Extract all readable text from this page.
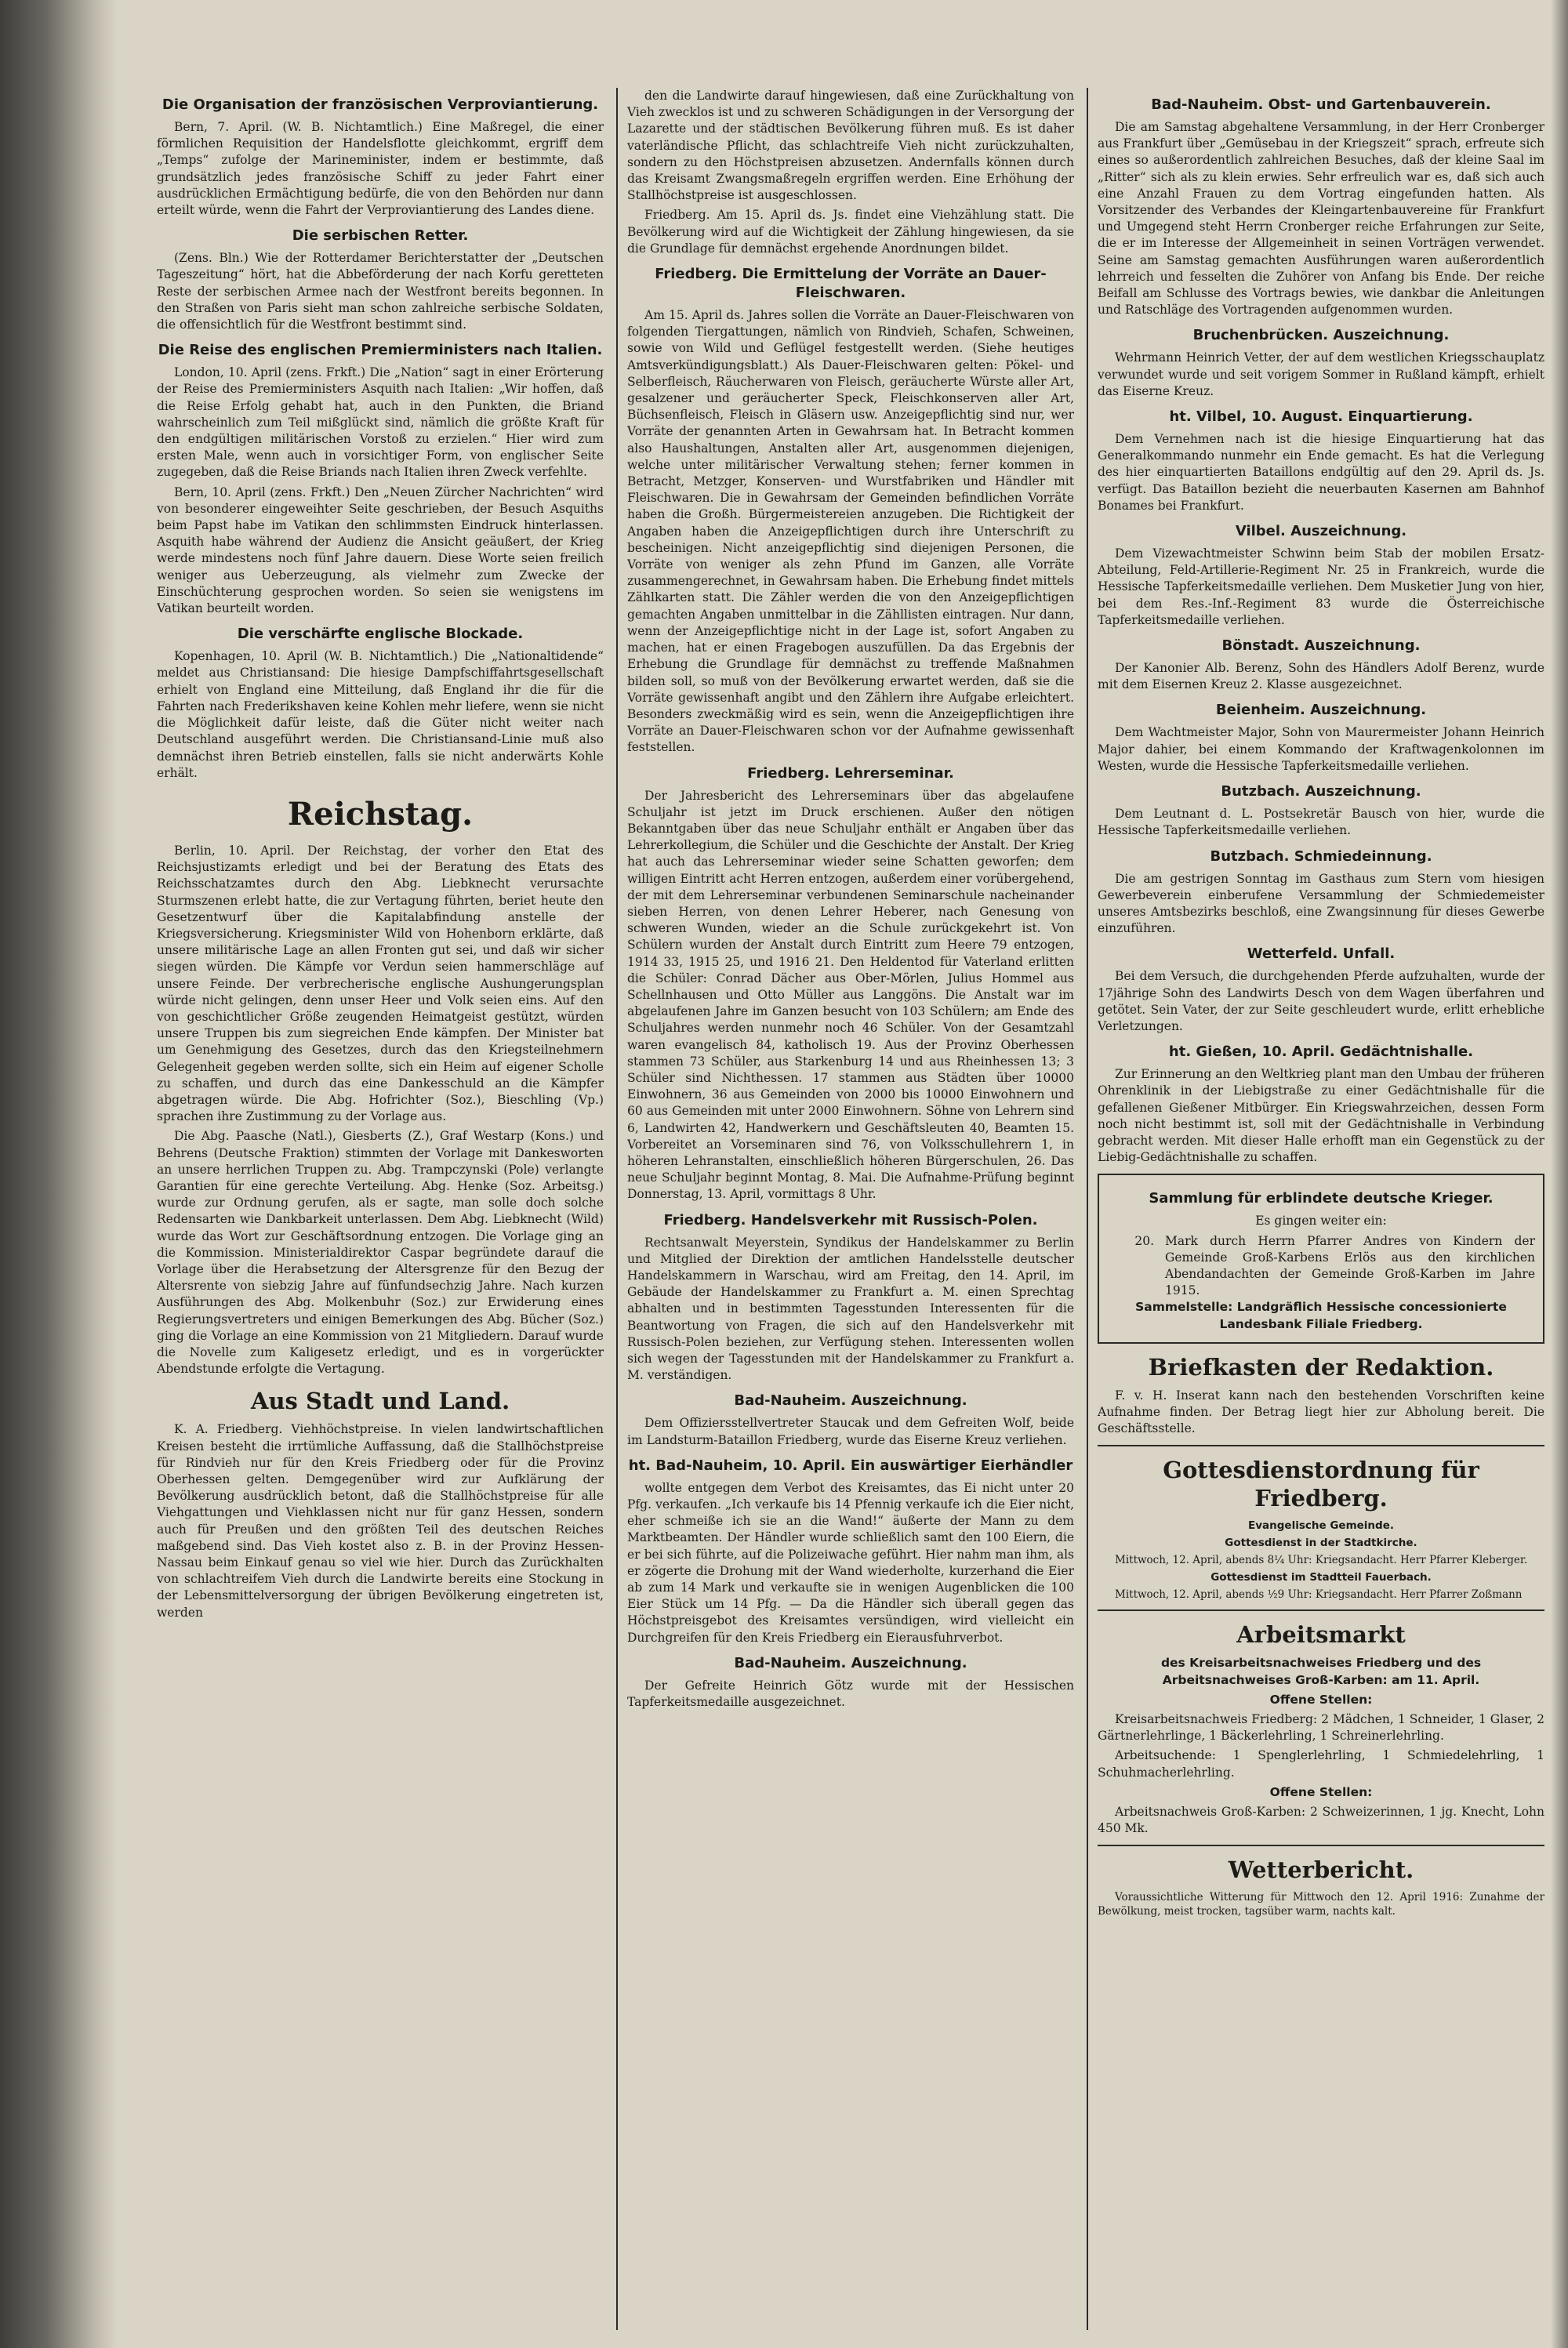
Die Organisation der französischen Verproviantierung.

Bern, 7. April. (W. B. Nichtamtlich.) Eine Maßregel, die einer förmlichen Requisition der Handelsflotte gleichkommt, ergriff dem „Temps“ zufolge der Marineminister, indem er bestimmte, daß grundsätzlich jedes französische Schiff zu jeder Fahrt einer ausdrücklichen Ermächtigung bedürfe, die von den Behörden nur dann erteilt würde, wenn die Fahrt der Verproviantierung des Landes diene.

Die serbischen Retter.

(Zens. Bln.) Wie der Rotterdamer Berichterstatter der „Deutschen Tageszeitung“ hört, hat die Abbeförderung der nach Korfu geretteten Reste der serbischen Armee nach der Westfront bereits begonnen. In den Straßen von Paris sieht man schon zahlreiche serbische Soldaten, die offensichtlich für die Westfront bestimmt sind.

Die Reise des englischen Premierministers nach Italien.

London, 10. April (zens. Frkft.) Die „Nation“ sagt in einer Erörterung der Reise des Premierministers Asquith nach Italien: „Wir hoffen, daß die Reise Erfolg gehabt hat, auch in den Punkten, die Briand wahrscheinlich zum Teil mißglückt sind, nämlich die größte Kraft für den endgültigen militärischen Vorstoß zu erzielen.“ Hier wird zum ersten Male, wenn auch in vorsichtiger Form, von englischer Seite zugegeben, daß die Reise Briands nach Italien ihren Zweck verfehlte.

Bern, 10. April (zens. Frkft.) Den „Neuen Zürcher Nachrichten“ wird von besonderer eingeweihter Seite geschrieben, der Besuch Asquiths beim Papst habe im Vatikan den schlimmsten Eindruck hinterlassen. Asquith habe während der Audienz die Ansicht geäußert, der Krieg werde mindestens noch fünf Jahre dauern. Diese Worte seien freilich weniger aus Ueberzeugung, als vielmehr zum Zwecke der Einschüchterung gesprochen worden. So seien sie wenigstens im Vatikan beurteilt worden.

Die verschärfte englische Blockade.

Kopenhagen, 10. April (W. B. Nichtamtlich.) Die „Nationaltidende“ meldet aus Christiansand: Die hiesige Dampfschiffahrtsgesellschaft erhielt von England eine Mitteilung, daß England ihr die für die Fahrten nach Frederikshaven keine Kohlen mehr liefere, wenn sie nicht die Möglichkeit dafür leiste, daß die Güter nicht weiter nach Deutschland ausgeführt werden. Die Christiansand-Linie muß also demnächst ihren Betrieb einstellen, falls sie nicht anderwärts Kohle erhält.

Reichstag.

Berlin, 10. April. Der Reichstag, der vorher den Etat des Reichsjustizamts erledigt und bei der Beratung des Etats des Reichsschatzamtes durch den Abg. Liebknecht verursachte Sturmszenen erlebt hatte, die zur Vertagung führten, beriet heute den Gesetzentwurf über die Kapitalabfindung anstelle der Kriegsversicherung. Kriegsminister Wild von Hohenborn erklärte, daß unsere militärische Lage an allen Fronten gut sei, und daß wir sicher siegen würden. Die Kämpfe vor Verdun seien hammerschläge auf unsere Feinde. Der verbrecherische englische Aushungerungsplan würde nicht gelingen, denn unser Heer und Volk seien eins. Auf den von geschichtlicher Größe zeugenden Heimatgeist gestützt, würden unsere Truppen bis zum siegreichen Ende kämpfen. Der Minister bat um Genehmigung des Gesetzes, durch das den Kriegsteilnehmern Gelegenheit gegeben werden sollte, sich ein Heim auf eigener Scholle zu schaffen, und durch das eine Dankesschuld an die Kämpfer abgetragen würde. Die Abg. Hofrichter (Soz.), Bieschling (Vp.) sprachen ihre Zustimmung zu der Vorlage aus.

Die Abg. Paasche (Natl.), Giesberts (Z.), Graf Westarp (Kons.) und Behrens (Deutsche Fraktion) stimmten der Vorlage mit Dankesworten an unsere herrlichen Truppen zu. Abg. Trampczynski (Pole) verlangte Garantien für eine gerechte Verteilung. Abg. Henke (Soz. Arbeitsg.) wurde zur Ordnung gerufen, als er sagte, man solle doch solche Redensarten wie Dankbarkeit unterlassen. Dem Abg. Liebknecht (Wild) wurde das Wort zur Geschäftsordnung entzogen. Die Vorlage ging an die Kommission. Ministerialdirektor Caspar begründete darauf die Vorlage über die Herabsetzung der Altersgrenze für den Bezug der Altersrente von siebzig Jahre auf fünfundsechzig Jahre. Nach kurzen Ausführungen des Abg. Molkenbuhr (Soz.) zur Erwiderung eines Regierungsvertreters und einigen Bemerkungen des Abg. Bücher (Soz.) ging die Vorlage an eine Kommission von 21 Mitgliedern. Darauf wurde die Novelle zum Kaligesetz erledigt, und es in vorgerückter Abendstunde erfolgte die Vertagung.

Aus Stadt und Land.

K. A. Friedberg. Viehhöchstpreise. In vielen landwirtschaftlichen Kreisen besteht die irrtümliche Auffassung, daß die Stallhöchstpreise für Rindvieh nur für den Kreis Friedberg oder für die Provinz Oberhessen gelten. Demgegenüber wird zur Aufklärung der Bevölkerung ausdrücklich betont, daß die Stallhöchstpreise für alle Viehgattungen und Viehklassen nicht nur für ganz Hessen, sondern auch für Preußen und den größten Teil des deutschen Reiches maßgebend sind. Das Vieh kostet also z. B. in der Provinz Hessen-Nassau beim Einkauf genau so viel wie hier. Durch das Zurückhalten von schlachtreifem Vieh durch die Landwirte bereits eine Stockung in der Lebensmittelversorgung der übrigen Bevölkerung eingetreten ist, werden

den die Landwirte darauf hingewiesen, daß eine Zurückhaltung von Vieh zwecklos ist und zu schweren Schädigungen in der Versorgung der Lazarette und der städtischen Bevölkerung führen muß. Es ist daher vaterländische Pflicht, das schlachtreife Vieh nicht zurückzuhalten, sondern zu den Höchstpreisen abzusetzen. Andernfalls können durch das Kreisamt Zwangsmaßregeln ergriffen werden. Eine Erhöhung der Stallhöchstpreise ist ausgeschlossen.

Friedberg. Am 15. April ds. Js. findet eine Viehzählung statt. Die Bevölkerung wird auf die Wichtigkeit der Zählung hingewiesen, da sie die Grundlage für demnächst ergehende Anordnungen bildet.

Friedberg. Die Ermittelung der Vorräte an Dauer-Fleischwaren.

Am 15. April ds. Jahres sollen die Vorräte an Dauer-Fleischwaren von folgenden Tiergattungen, nämlich von Rindvieh, Schafen, Schweinen, sowie von Wild und Geflügel festgestellt werden. (Siehe heutiges Amtsverkündigungsblatt.) Als Dauer-Fleischwaren gelten: Pökel- und Selberfleisch, Räucherwaren von Fleisch, geräucherte Würste aller Art, gesalzener und geräucherter Speck, Fleischkonserven aller Art, Büchsenfleisch, Fleisch in Gläsern usw. Anzeigepflichtig sind nur, wer Vorräte der genannten Arten in Gewahrsam hat. In Betracht kommen also Haushaltungen, Anstalten aller Art, ausgenommen diejenigen, welche unter militärischer Verwaltung stehen; ferner kommen in Betracht, Metzger, Konserven- und Wurstfabriken und Händler mit Fleischwaren. Die in Gewahrsam der Gemeinden befindlichen Vorräte haben die Großh. Bürgermeistereien anzugeben. Die Richtigkeit der Angaben haben die Anzeigepflichtigen durch ihre Unterschrift zu bescheinigen. Nicht anzeigepflichtig sind diejenigen Personen, die Vorräte von weniger als zehn Pfund im Ganzen, alle Vorräte zusammengerechnet, in Gewahrsam haben. Die Erhebung findet mittels Zählkarten statt. Die Zähler werden die von den Anzeigepflichtigen gemachten Angaben unmittelbar in die Zähllisten eintragen. Nur dann, wenn der Anzeigepflichtige nicht in der Lage ist, sofort Angaben zu machen, hat er einen Fragebogen auszufüllen. Da das Ergebnis der Erhebung die Grundlage für demnächst zu treffende Maßnahmen bilden soll, so muß von der Bevölkerung erwartet werden, daß sie die Vorräte gewissenhaft angibt und den Zählern ihre Aufgabe erleichtert. Besonders zweckmäßig wird es sein, wenn die Anzeigepflichtigen ihre Vorräte an Dauer-Fleischwaren schon vor der Aufnahme gewissenhaft feststellen.

Friedberg. Lehrerseminar.

Der Jahresbericht des Lehrerseminars über das abgelaufene Schuljahr ist jetzt im Druck erschienen. Außer den nötigen Bekanntgaben über das neue Schuljahr enthält er Angaben über das Lehrerkollegium, die Schüler und die Geschichte der Anstalt. Der Krieg hat auch das Lehrerseminar wieder seine Schatten geworfen; dem willigen Eintritt acht Herren entzogen, außerdem einer vorübergehend, der mit dem Lehrerseminar verbundenen Seminarschule nacheinander sieben Herren, von denen Lehrer Heberer, nach Genesung von schweren Wunden, wieder an die Schule zurückgekehrt ist. Von Schülern wurden der Anstalt durch Eintritt zum Heere 79 entzogen, 1914 33, 1915 25, und 1916 21. Den Heldentod für Vaterland erlitten die Schüler: Conrad Dächer aus Ober-Mörlen, Julius Hommel aus Schellnhausen und Otto Müller aus Langgöns. Die Anstalt war im abgelaufenen Jahre im Ganzen besucht von 103 Schülern; am Ende des Schuljahres werden nunmehr noch 46 Schüler. Von der Gesamtzahl waren evangelisch 84, katholisch 19. Aus der Provinz Oberhessen stammen 73 Schüler, aus Starkenburg 14 und aus Rheinhessen 13; 3 Schüler sind Nichthessen. 17 stammen aus Städten über 10000 Einwohnern, 36 aus Gemeinden von 2000 bis 10000 Einwohnern und 60 aus Gemeinden mit unter 2000 Einwohnern. Söhne von Lehrern sind 6, Landwirten 42, Handwerkern und Geschäftsleuten 40, Beamten 15. Vorbereitet an Vorseminaren sind 76, von Volksschullehrern 1, in höheren Lehranstalten, einschließlich höheren Bürgerschulen, 26. Das neue Schuljahr beginnt Montag, 8. Mai. Die Aufnahme-Prüfung beginnt Donnerstag, 13. April, vormittags 8 Uhr.

Friedberg. Handelsverkehr mit Russisch-Polen.

Rechtsanwalt Meyerstein, Syndikus der Handelskammer zu Berlin und Mitglied der Direktion der amtlichen Handelsstelle deutscher Handelskammern in Warschau, wird am Freitag, den 14. April, im Gebäude der Handelskammer zu Frankfurt a. M. einen Sprechtag abhalten und in bestimmten Tagesstunden Interessenten für die Beantwortung von Fragen, die sich auf den Handelsverkehr mit Russisch-Polen beziehen, zur Verfügung stehen. Interessenten wollen sich wegen der Tagesstunden mit der Handelskammer zu Frankfurt a. M. verständigen.

Bad-Nauheim. Auszeichnung.

Dem Offiziersstellvertreter Staucak und dem Gefreiten Wolf, beide im Landsturm-Bataillon Friedberg, wurde das Eiserne Kreuz verliehen.

ht. Bad-Nauheim, 10. April. Ein auswärtiger Eierhändler

wollte entgegen dem Verbot des Kreisamtes, das Ei nicht unter 20 Pfg. verkaufen. „Ich verkaufe bis 14 Pfennig verkaufe ich die Eier nicht, eher schmeiße ich sie an die Wand!“ äußerte der Mann zu dem Marktbeamten. Der Händler wurde schließlich samt den 100 Eiern, die er bei sich führte, auf die Polizeiwache geführt. Hier nahm man ihm, als er zögerte die Drohung mit der Wand wiederholte, kurzerhand die Eier ab zum 14 Mark und verkaufte sie in wenigen Augenblicken die 100 Eier Stück um 14 Pfg. — Da die Händler sich überall gegen das Höchstpreisgebot des Kreisamtes versündigen, wird vielleicht ein Durchgreifen für den Kreis Friedberg ein Eierausfuhrverbot.

Bad-Nauheim. Auszeichnung.

Der Gefreite Heinrich Götz wurde mit der Hessischen Tapferkeitsmedaille ausgezeichnet.

Bad-Nauheim. Obst- und Gartenbauverein.

Die am Samstag abgehaltene Versammlung, in der Herr Cronberger aus Frankfurt über „Gemüsebau in der Kriegszeit“ sprach, erfreute sich eines so außerordentlich zahlreichen Besuches, daß der kleine Saal im „Ritter“ sich als zu klein erwies. Sehr erfreulich war es, daß sich auch eine Anzahl Frauen zu dem Vortrag eingefunden hatten. Als Vorsitzender des Verbandes der Kleingartenbauvereine für Frankfurt und Umgegend steht Herrn Cronberger reiche Erfahrungen zur Seite, die er im Interesse der Allgemeinheit in seinen Vorträgen verwendet. Seine am Samstag gemachten Ausführungen waren außerordentlich lehrreich und fesselten die Zuhörer von Anfang bis Ende. Der reiche Beifall am Schlusse des Vortrags bewies, wie dankbar die Anleitungen und Ratschläge des Vortragenden aufgenommen wurden.

Bruchenbrücken. Auszeichnung.

Wehrmann Heinrich Vetter, der auf dem westlichen Kriegsschauplatz verwundet wurde und seit vorigem Sommer in Rußland kämpft, erhielt das Eiserne Kreuz.

ht. Vilbel, 10. August. Einquartierung.

Dem Vernehmen nach ist die hiesige Einquartierung hat das Generalkommando nunmehr ein Ende gemacht. Es hat die Verlegung des hier einquartierten Bataillons endgültig auf den 29. April ds. Js. verfügt. Das Bataillon bezieht die neuerbauten Kasernen am Bahnhof Bonames bei Frankfurt.

Vilbel. Auszeichnung.

Dem Vizewachtmeister Schwinn beim Stab der mobilen Ersatz-Abteilung, Feld-Artillerie-Regiment Nr. 25 in Frankreich, wurde die Hessische Tapferkeitsmedaille verliehen. Dem Musketier Jung von hier, bei dem Res.-Inf.-Regiment 83 wurde die Österreichische Tapferkeitsmedaille verliehen.

Bönstadt. Auszeichnung.

Der Kanonier Alb. Berenz, Sohn des Händlers Adolf Berenz, wurde mit dem Eisernen Kreuz 2. Klasse ausgezeichnet.

Beienheim. Auszeichnung.

Dem Wachtmeister Major, Sohn von Maurermeister Johann Heinrich Major dahier, bei einem Kommando der Kraftwagenkolonnen im Westen, wurde die Hessische Tapferkeitsmedaille verliehen.

Butzbach. Auszeichnung.

Dem Leutnant d. L. Postsekretär Bausch von hier, wurde die Hessische Tapferkeitsmedaille verliehen.

Butzbach. Schmiedeinnung.

Die am gestrigen Sonntag im Gasthaus zum Stern vom hiesigen Gewerbeverein einberufene Versammlung der Schmiedemeister unseres Amtsbezirks beschloß, eine Zwangsinnung für dieses Gewerbe einzuführen.

Wetterfeld. Unfall.

Bei dem Versuch, die durchgehenden Pferde aufzuhalten, wurde der 17jährige Sohn des Landwirts Desch von dem Wagen überfahren und getötet. Sein Vater, der zur Seite geschleudert wurde, erlitt erhebliche Verletzungen.

ht. Gießen, 10. April. Gedächtnishalle.

Zur Erinnerung an den Weltkrieg plant man den Umbau der früheren Ohrenklinik in der Liebigstraße zu einer Gedächtnishalle für die gefallenen Gießener Mitbürger. Ein Kriegswahrzeichen, dessen Form noch nicht bestimmt ist, soll mit der Gedächtnishalle in Verbindung gebracht werden. Mit dieser Halle erhofft man ein Gegenstück zu der Liebig-Gedächtnishalle zu schaffen.

Sammlung für erblindete deutsche Krieger.

Es gingen weiter ein:

20. Mark durch Herrn Pfarrer Andres von Kindern der Gemeinde Groß-Karbens Erlös aus den kirchlichen Abendandachten der Gemeinde Groß-Karben im Jahre 1915.

Sammelstelle: Landgräflich Hessische concessionierte Landesbank Filiale Friedberg.

Briefkasten der Redaktion.

F. v. H. Inserat kann nach den bestehenden Vorschriften keine Aufnahme finden. Der Betrag liegt hier zur Abholung bereit. Die Geschäftsstelle.

Gottesdienstordnung für Friedberg.

Evangelische Gemeinde.

Gottesdienst in der Stadtkirche.

Mittwoch, 12. April, abends 8¼ Uhr: Kriegsandacht. Herr Pfarrer Kleberger.

Gottesdienst im Stadtteil Fauerbach.

Mittwoch, 12. April, abends ½9 Uhr: Kriegsandacht. Herr Pfarrer Zoßmann

Arbeitsmarkt

des Kreisarbeitsnachweises Friedberg und des Arbeitsnachweises Groß-Karben: am 11. April.

Offene Stellen:

Kreisarbeitsnachweis Friedberg: 2 Mädchen, 1 Schneider, 1 Glaser, 2 Gärtnerlehrlinge, 1 Bäckerlehrling, 1 Schreinerlehrling.

Arbeitsuchende: 1 Spenglerlehrling, 1 Schmiedelehrling, 1 Schuhmacherlehrling.

Offene Stellen:

Arbeitsnachweis Groß-Karben: 2 Schweizerinnen, 1 jg. Knecht, Lohn 450 Mk.

Wetterbericht.

Voraussichtliche Witterung für Mittwoch den 12. April 1916: Zunahme der Bewölkung, meist trocken, tagsüber warm, nachts kalt.
